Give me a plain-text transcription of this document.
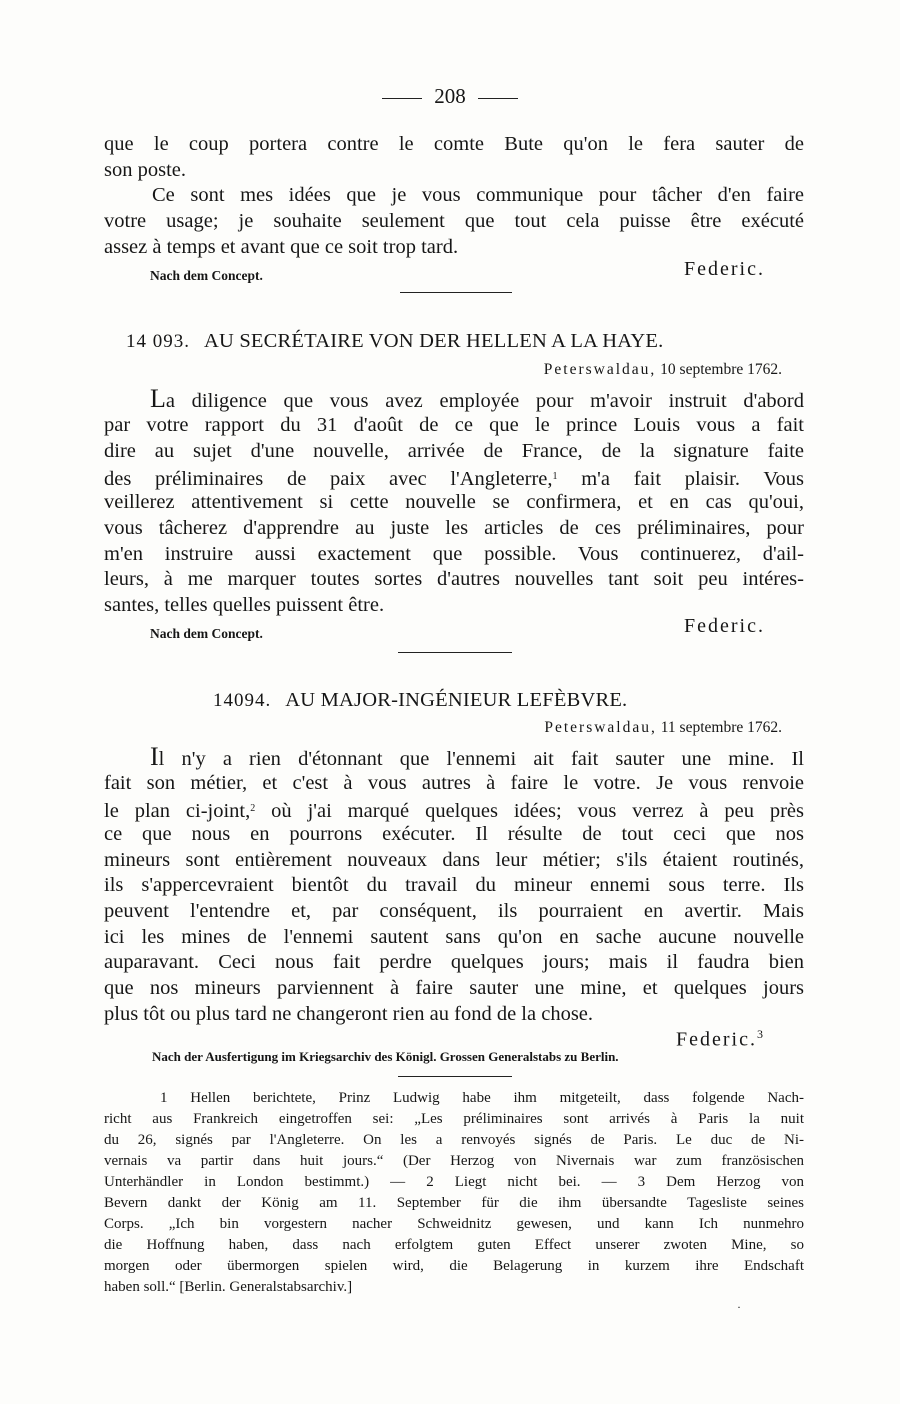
208
que le coup portera contre le comte Bute qu'on le fera sauter de
son poste.
Ce sont mes idées que je vous communique pour tâcher d'en faire
votre usage; je souhaite seulement que tout cela puisse être exécuté
assez à temps et avant que ce soit trop tard.
Nach dem Concept.	Federic.
14 093. AU SECRÉTAIRE VON DER HELLEN A LA HAYE.
Peterswaldau, 10 septembre 1762.
La diligence que vous avez employée pour m'avoir instruit d'abord
par votre rapport du 31 d'août de ce que le prince Louis vous a fait
dire au sujet d'une nouvelle, arrivée de France, de la signature faite
des préliminaires de paix avec l'Angleterre,$^1$ m'a fait plaisir. Vous
veillerez attentivement si cette nouvelle se confirmera, et en cas qu'oui,
vous tâcherez d'apprendre au juste les articles de ces préliminaires, pour
m'en instruire aussi exactement que possible. Vous continuerez, d'ail-
leurs, à me marquer toutes sortes d'autres nouvelles tant soit peu intéres-
santes, telles quelles puissent être.
Nach dem Concept.	Federic.
14094. AU MAJOR-INGÉNIEUR LEFÈBVRE.
Peterswaldau, 11 septembre 1762.
Il n'y a rien d'étonnant que l'ennemi ait fait sauter une mine. Il
fait son métier, et c'est à vous autres à faire le votre. Je vous renvoie
le plan ci-joint,$^2$ où j'ai marqué quelques idées; vous verrez à peu près
ce que nous en pourrons exécuter. Il résulte de tout ceci que nos
mineurs sont entièrement nouveaux dans leur métier; s'ils étaient routinés,
ils s'appercevraient bientôt du travail du mineur ennemi sous terre. Ils
peuvent l'entendre et, par conséquent, ils pourraient en avertir. Mais
ici les mines de l'ennemi sautent sans qu'on en sache aucune nouvelle
auparavant. Ceci nous fait perdre quelques jours; mais il faudra bien
que nos mineurs parviennent à faire sauter une mine, et quelques jours
plus tôt ou plus tard ne changeront rien au fond de la chose.
Federic.$^3$
Nach der Ausfertigung im Kriegsarchiv des Königl. Grossen Generalstabs zu Berlin.
1 Hellen berichtete, Prinz Ludwig habe ihm mitgeteilt, dass folgende Nach-
richt aus Frankreich eingetroffen sei: „Les préliminaires sont arrivés à Paris la nuit
du 26, signés par l'Angleterre. On les a renvoyés signés de Paris. Le duc de Ni-
vernais va partir dans huit jours.“ (Der Herzog von Nivernais war zum französischen
Unterhändler in London bestimmt.) — 2 Liegt nicht bei. — 3 Dem Herzog von
Bevern dankt der König am 11. September für die ihm übersandte Tagesliste seines
Corps. „Ich bin vorgestern nacher Schweidnitz gewesen, und kann Ich nunmehro
die Hoffnung haben, dass nach erfolgtem guten Effect unserer zwoten Mine, so
morgen oder übermorgen spielen wird, die Belagerung in kurzem ihre Endschaft
haben soll.“ [Berlin. Generalstabsarchiv.]
·
